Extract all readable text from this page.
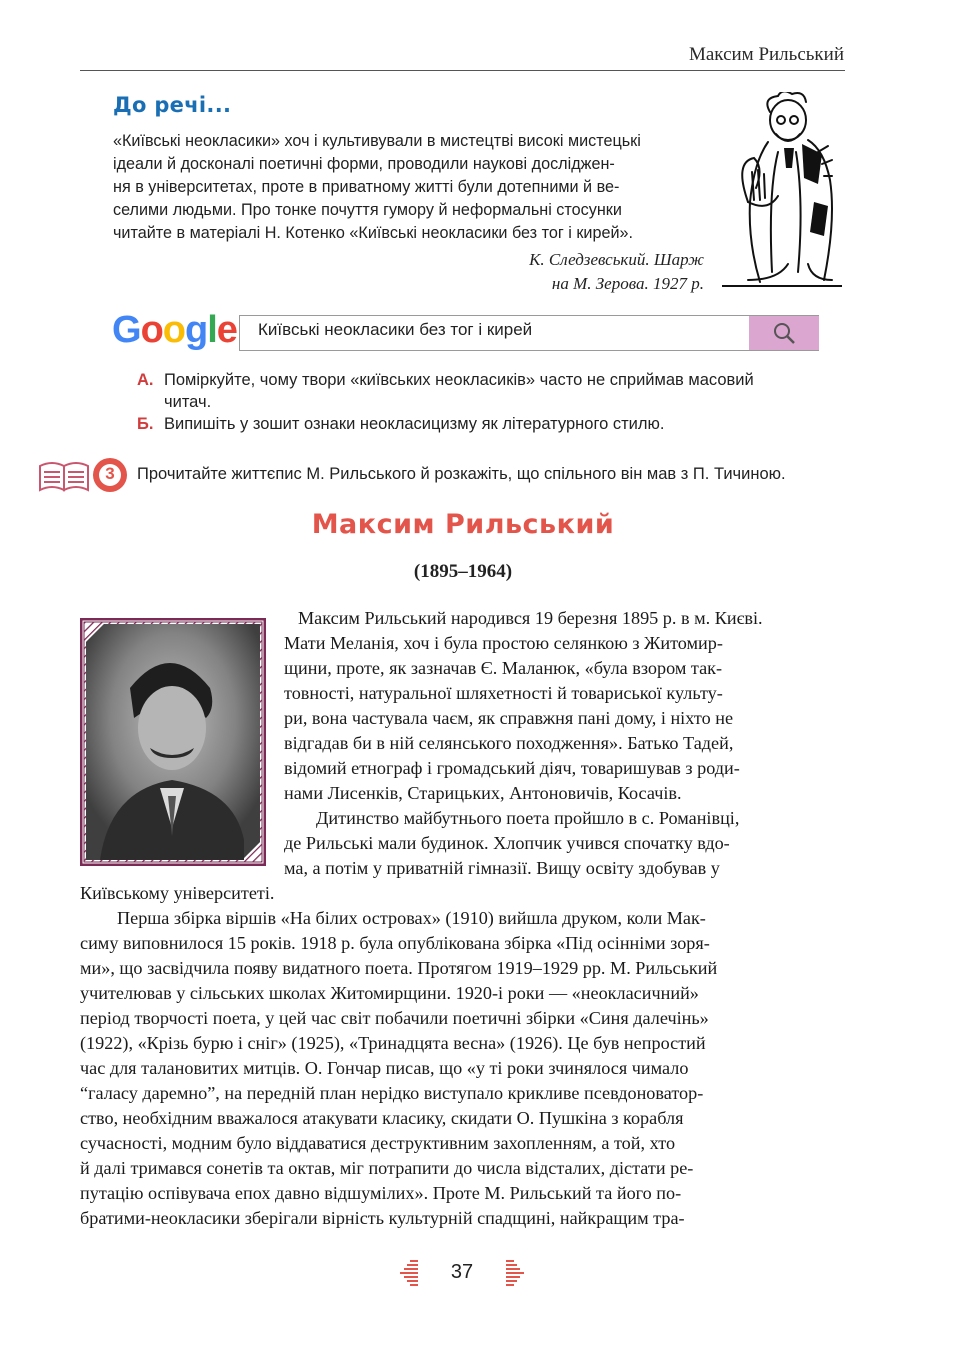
Максим Рильський
До речі...
«Київські неокласики» хоч і культивували в мистецтві високі мистецькі
ідеали й досконалі поетичні форми, проводили наукові досліджен-
ня в університетах, проте в приватному житті були дотепними й ве-
селими людьми. Про тонке почуття гумору й неформальні стосунки
читайте в матеріалі Н. Котенко «Київські неокласики без тог і кирей».
К. Следзевський. Шарж
на М. Зерова. 1927 р.
Google Київські неокласики без тог і кирей
А. Поміркуйте, чому твори «київських неокласиків» часто не сприймав масовий
читач.
Б. Випишіть у зошит ознаки неокласицизму як літературного стилю.
3	Прочитайте життєпис М. Рильського й розкажіть, що спільного він мав з П. Тичиною.
Максим Рильський
(1895–1964)
Максим Рильський народився 19 березня 1895 р. в м. Києві.
Мати Меланія, хоч і була простою селянкою з Житомир-
щини, проте, як зазначав Є. Маланюк, «була взором так-
товності, натуральної шляхетності й товариської культу-
ри, вона частувала чаєм, як справжня пані дому, і ніхто не
відгадав би в ній селянського походження». Батько Тадей,
відомий етнограф і громадський діяч, товаришував з роди-
нами Лисенків, Старицьких, Антоновичів, Косачів.
Дитинство майбутнього поета пройшло в с. Романівці,
де Рильські мали будинок. Хлопчик учився спочатку вдо-
ма, а потім у приватній гімназії. Вищу освіту здобував у
Київському університеті.
Перша збірка віршів «На білих островах» (1910) вийшла друком, коли Мак-
симу виповнилося 15 років. 1918 р. була опублікована збірка «Під осінніми зоря-
ми», що засвідчила появу видатного поета. Протягом 1919–1929 рр. М. Рильський
учителював у сільських школах Житомирщини. 1920-і роки — «неокласичний»
період творчості поета, у цей час світ побачили поетичні збірки «Синя далечінь»
(1922), «Крізь бурю і сніг» (1925), «Тринадцята весна» (1926). Це був непростий
час для талановитих митців. О. Гончар писав, що «у ті роки зчинялося чимало
“галасу даремно”, на передній план нерідко виступало крикливе псевдоноватор-
ство, необхідним вважалося атакувати класику, скидати О. Пушкіна з корабля
сучасності, модним було віддаватися деструктивним захопленням, а той, хто
й далі тримався сонетів та октав, міг потрапити до числа відсталих, дістати ре-
путацію оспівувача епох давно відшумілих». Проте М. Рильський та його по-
братими-неокласики зберігали вірність культурній спадщині, найкращим тра-
37
